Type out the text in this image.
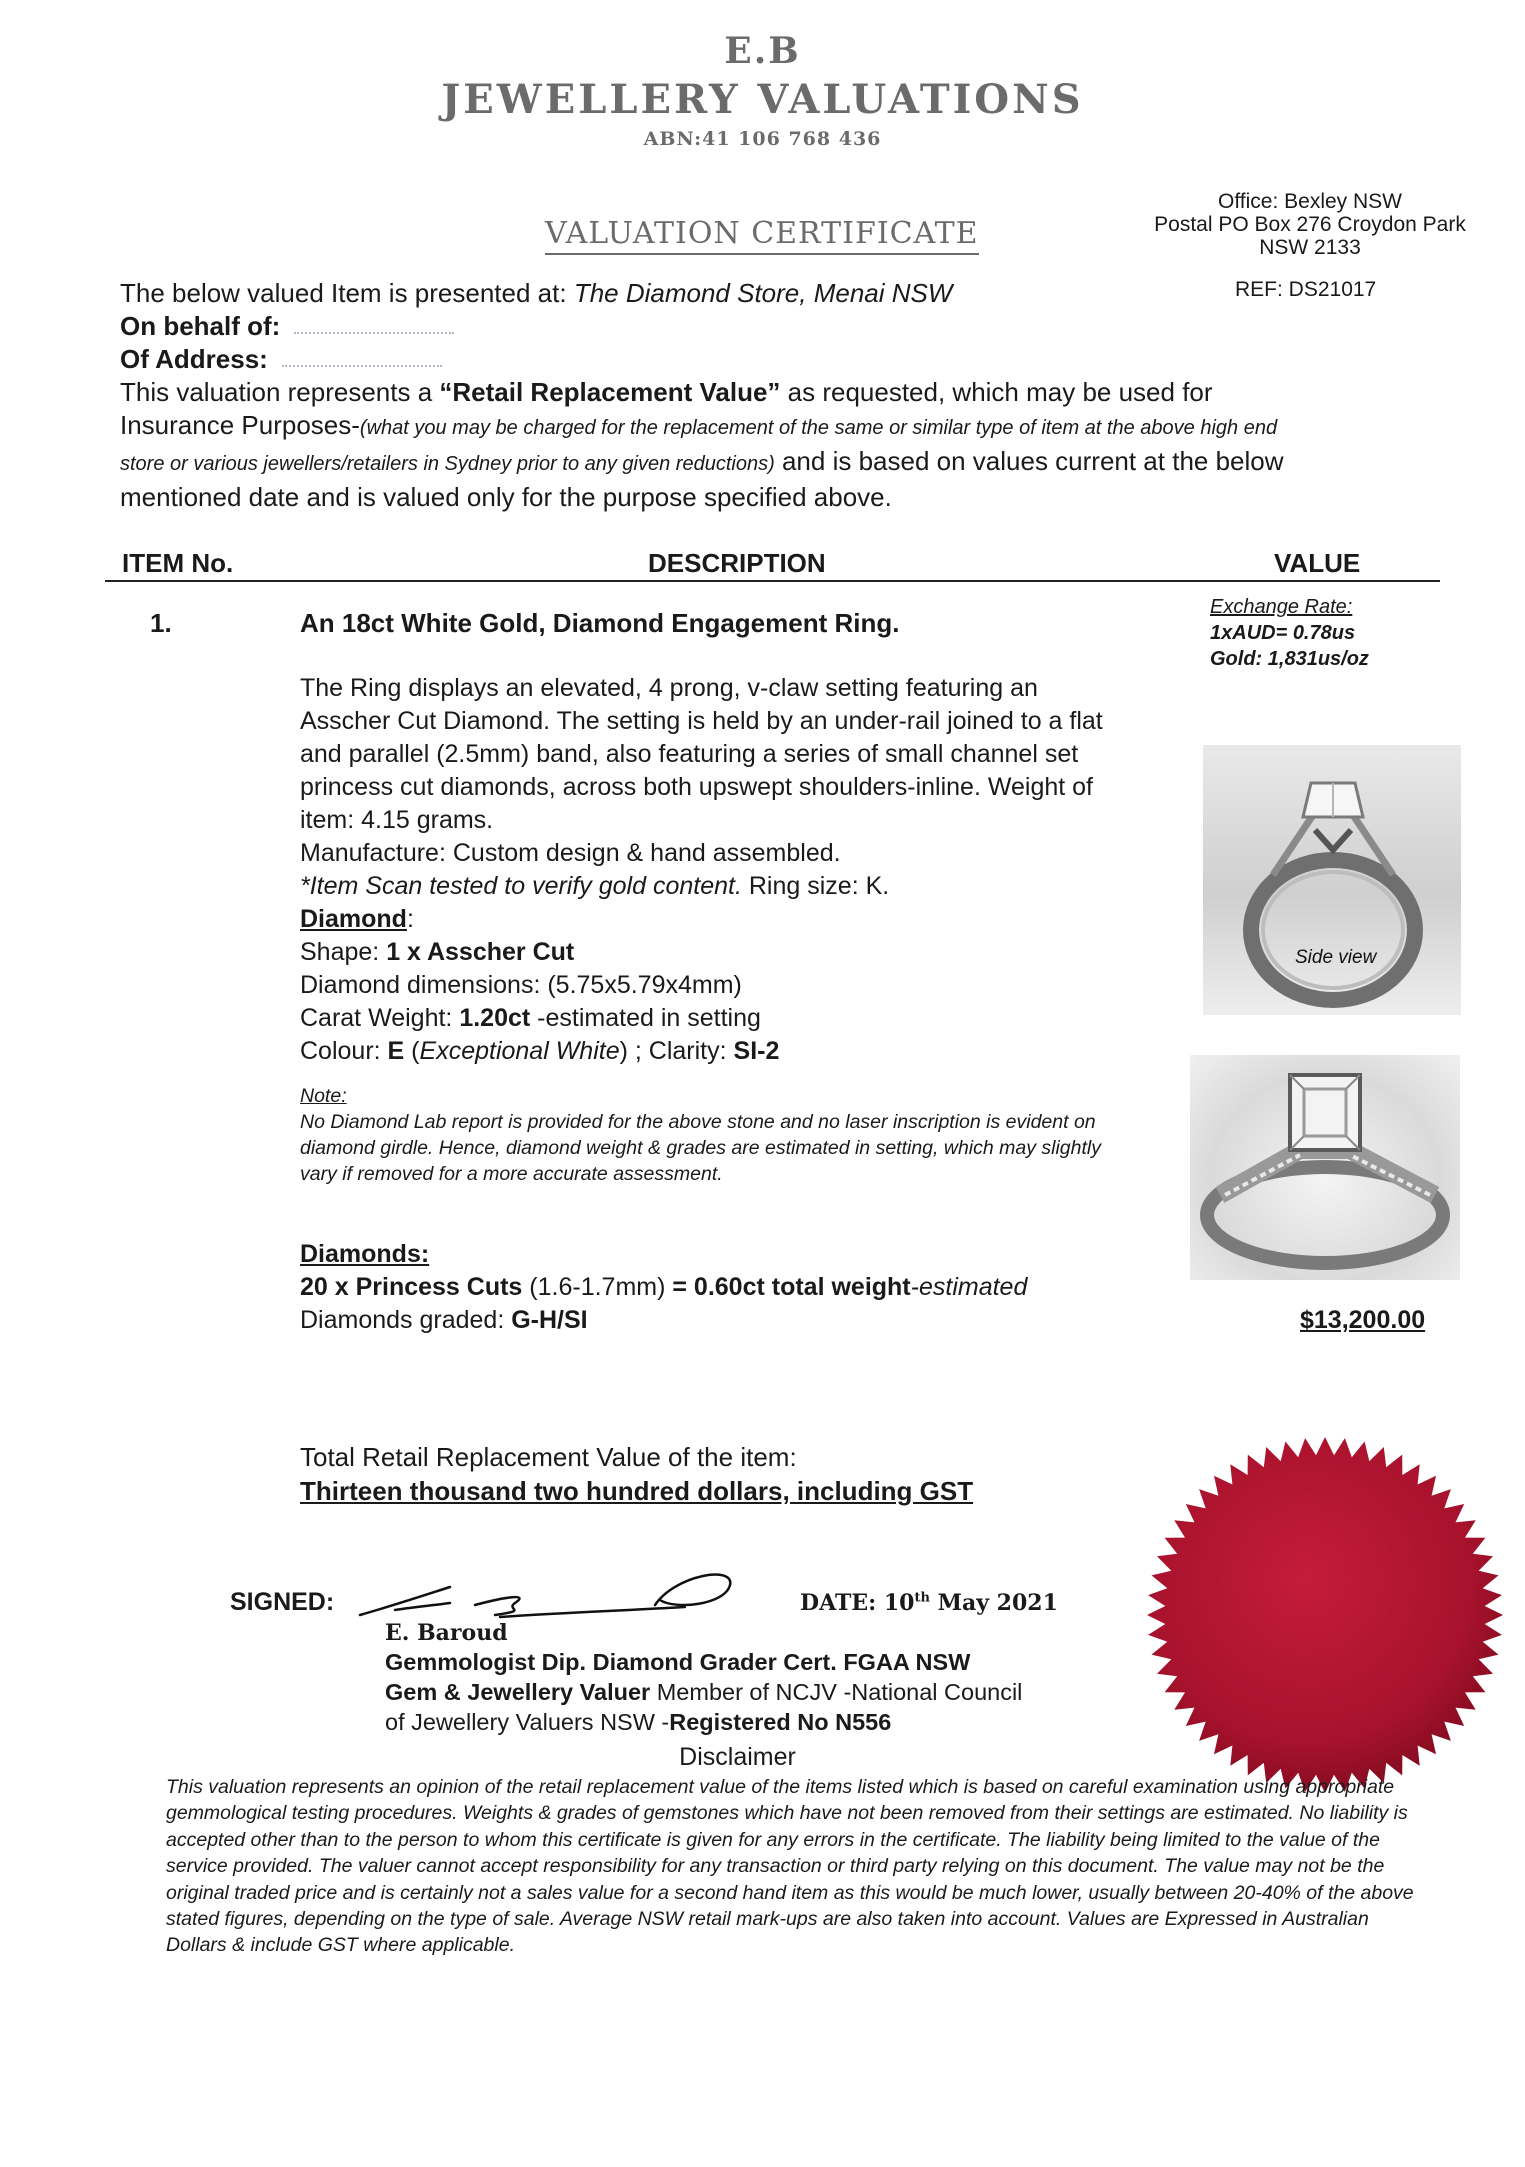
E.B
JEWELLERY VALUATIONS
ABN:41 106 768 436
VALUATION CERTIFICATE
Office: Bexley NSW
Postal PO Box 276 Croydon Park
NSW 2133
REF: DS21017
The below valued Item is presented at: The Diamond Store, Menai NSW
On behalf of:
Of Address:
This valuation represents a “Retail Replacement Value” as requested, which may be used for Insurance Purposes-(what you may be charged for the replacement of the same or similar type of item at the above high end store or various jewellers/retailers in Sydney prior to any given reductions) and is based on values current at the below mentioned date and is valued only for the purpose specified above.
ITEM No.	DESCRIPTION	VALUE
1.	An 18ct White Gold, Diamond Engagement Ring.
Exchange Rate:
1xAUD= 0.78us
Gold: 1,831us/oz
The Ring displays an elevated, 4 prong, v-claw setting featuring an Asscher Cut Diamond. The setting is held by an under-rail joined to a flat and parallel (2.5mm) band, also featuring a series of small channel set princess cut diamonds, across both upswept shoulders-inline. Weight of item: 4.15 grams.
Manufacture: Custom design & hand assembled.
*Item Scan tested to verify gold content. Ring size: K.
Diamond:
Shape: 1 x Asscher Cut
Diamond dimensions: (5.75x5.79x4mm)
Carat Weight: 1.20ct -estimated in setting
Colour: E (Exceptional White) ; Clarity: SI-2
Note:
No Diamond Lab report is provided for the above stone and no laser inscription is evident on diamond girdle. Hence, diamond weight & grades are estimated in setting, which may slightly vary if removed for a more accurate assessment.
Diamonds:
20 x Princess Cuts (1.6-1.7mm) = 0.60ct total weight-estimated
Diamonds graded: G-H/SI	$13,200.00
Side view
Total Retail Replacement Value of the item:
Thirteen thousand two hundred dollars, including GST
SIGNED:	DATE: 10th May 2021
E. Baroud
Gemmologist Dip. Diamond Grader Cert. FGAA NSW
Gem & Jewellery Valuer Member of NCJV -National Council
of Jewellery Valuers NSW -Registered No N556
Disclaimer
This valuation represents an opinion of the retail replacement value of the items listed which is based on careful examination using appropriate gemmological testing procedures. Weights & grades of gemstones which have not been removed from their settings are estimated. No liability is accepted other than to the person to whom this certificate is given for any errors in the certificate. The liability being limited to the value of the service provided. The valuer cannot accept responsibility for any transaction or third party relying on this document. The value may not be the original traded price and is certainly not a sales value for a second hand item as this would be much lower, usually between 20-40% of the above stated figures, depending on the type of sale. Average NSW retail mark-ups are also taken into account. Values are Expressed in Australian Dollars & include GST where applicable.
